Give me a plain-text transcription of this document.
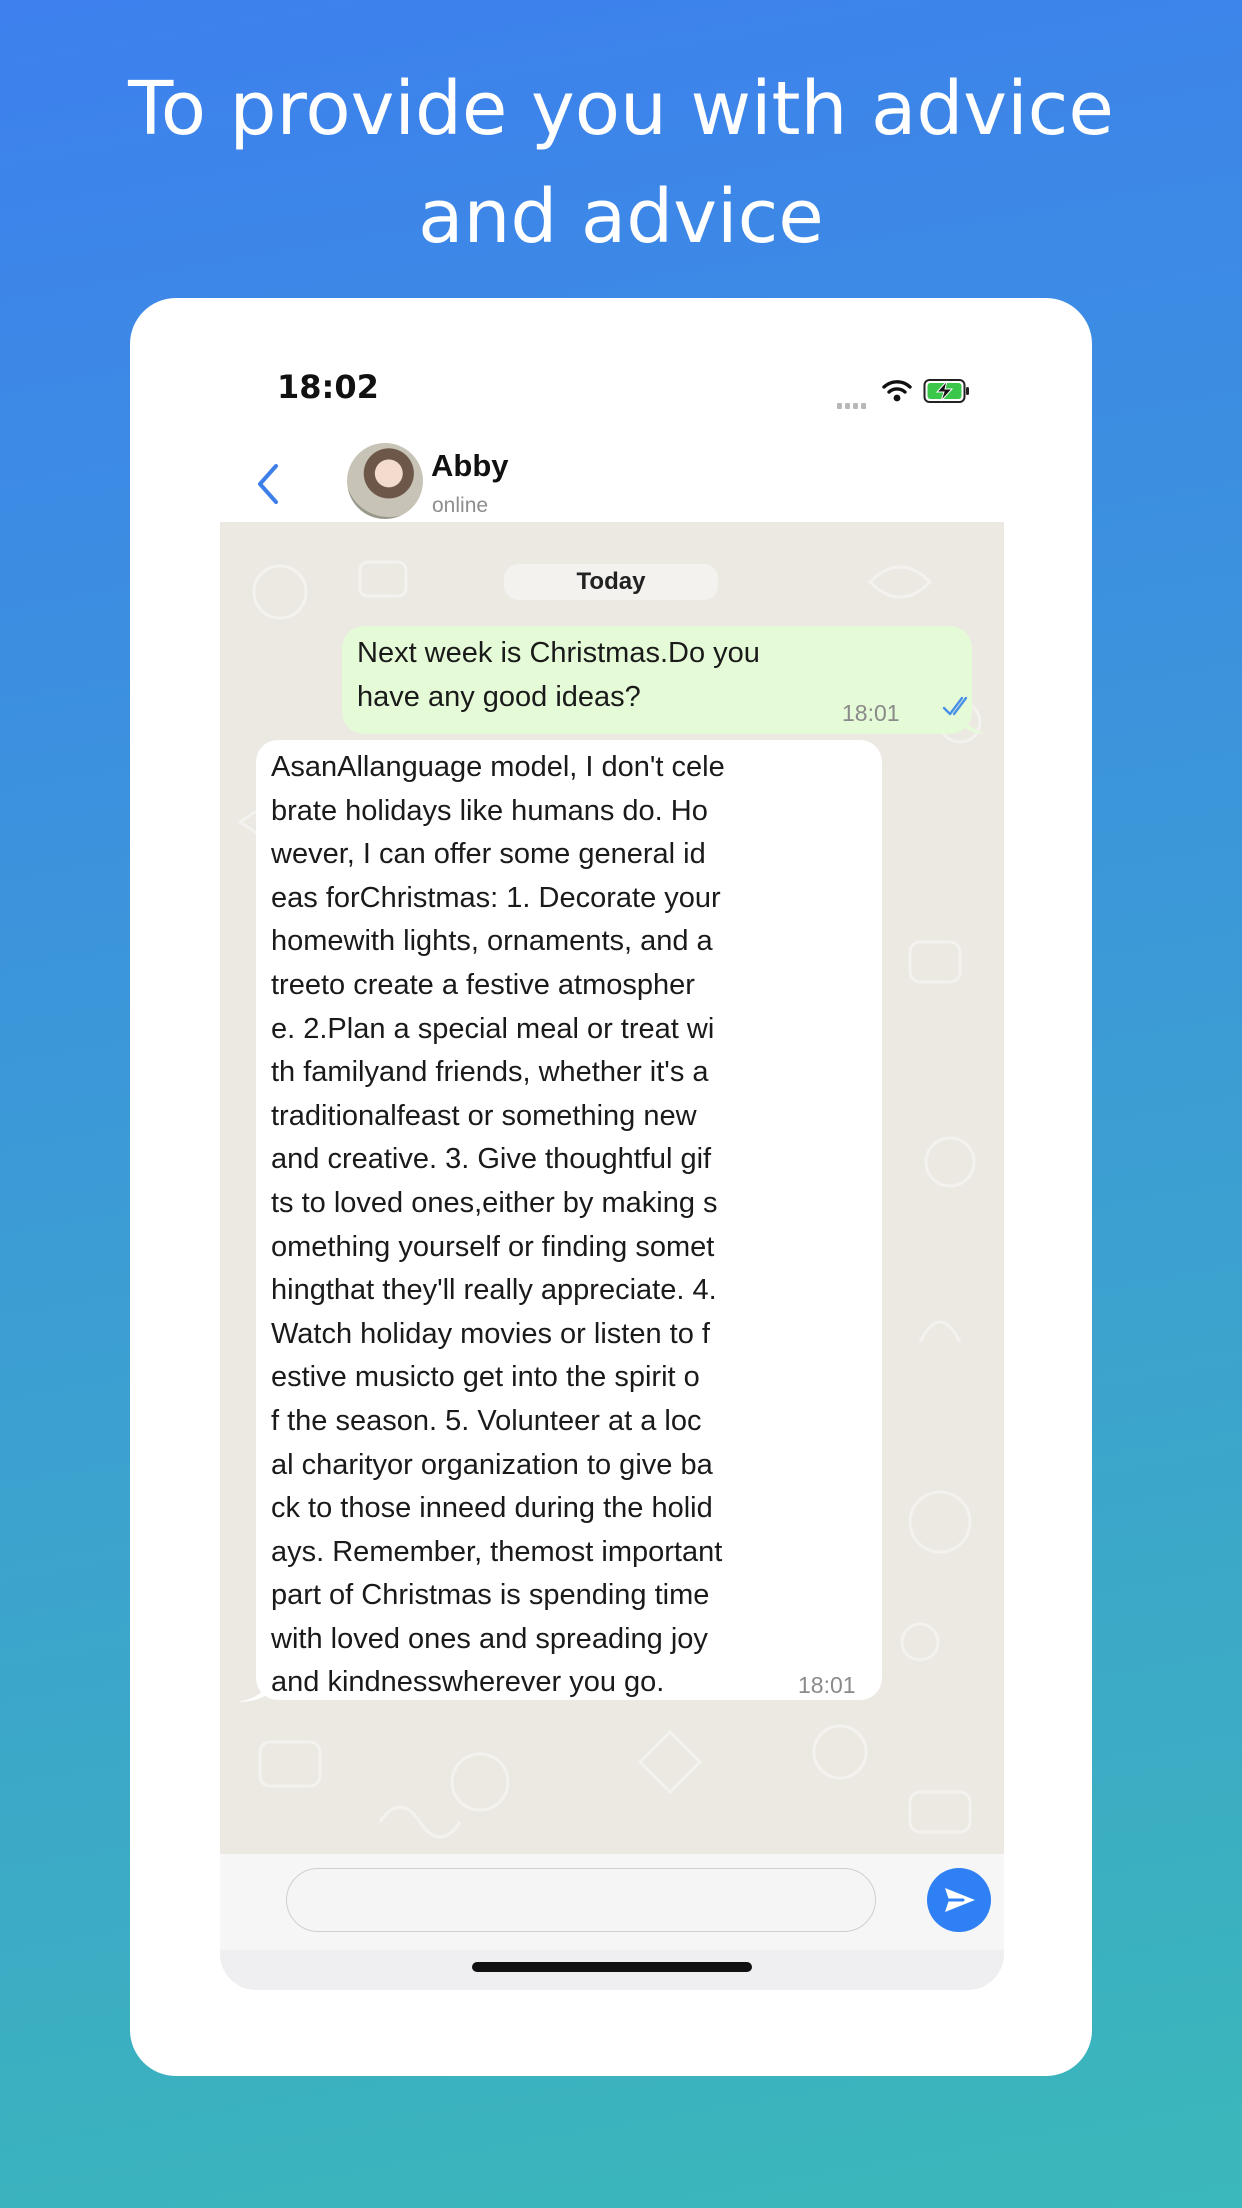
To provide you with advice
and advice
18:02
Abby
online
Today
Next week is Christmas.Do you have any good ideas?
18:01
AsanAllanguage model, I don't cele
brate holidays like humans do. Ho
wever, I can offer some general id
eas forChristmas: 1. Decorate your
homewith lights, ornaments, and a
treeto create a festive atmospher
e. 2.Plan a special meal or treat wi
th familyand friends, whether it's a
traditionalfeast or something new
and creative. 3. Give thoughtful gif
ts to loved ones,either by making s
omething yourself or finding somet
hingthat they'll really appreciate. 4.
Watch holiday movies or listen to f
estive musicto get into the spirit o
f the season. 5. Volunteer at a loc
al charityor organization to give ba
ck to those inneed during the holid
ays. Remember, themost important
part of Christmas is spending time
with loved ones and spreading joy
and kindnesswherever you go.	18:01
